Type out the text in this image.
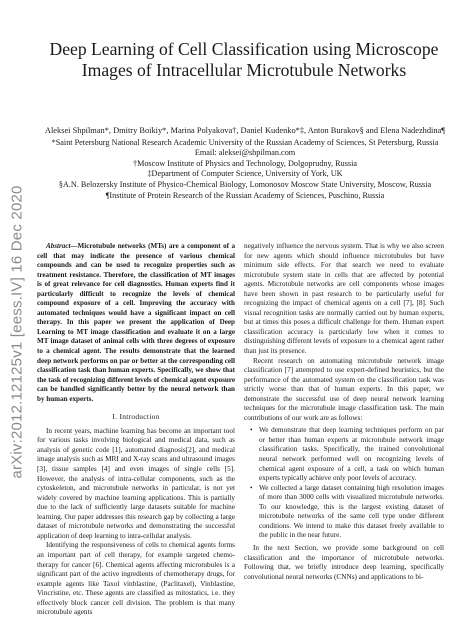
arXiv:2012.12125v1 [eess.IV] 16 Dec 2020
Deep Learning of Cell Classification using Microscope Images of Intracellular Microtubule Networks
Aleksei Shpilman*, Dmitry Boikiy*, Marina Polyakova†, Daniel Kudenko*‡, Anton Burakov§ and Elena Nadezhdina¶
*Saint Petersburg National Research Academic University of the Russian Academy of Sciences, St Petersburg, Russia
Email: aleksei@shpilman.com
†Moscow Institute of Physics and Technology, Dolgoprudny, Russia
‡Department of Computer Science, University of York, UK
§A.N. Belozersky Institute of Physico-Chemical Biology, Lomonosov Moscow State University, Moscow, Russia
¶Institute of Protein Research of the Russian Academy of Sciences, Puschino, Russia

Abstract—Microtubule networks (MTs) are a component of a cell that may indicate the presence of various chemical compounds and can be used to recognize properties such as treatment resistance. Therefore, the classification of MT images is of great relevance for cell diagnostics. Human experts find it particularly difficult to recognize the levels of chemical compound exposure of a cell. Improving the accuracy with automated techniques would have a significant impact on cell therapy. In this paper we present the application of Deep Learning to MT image classification and evaluate it on a large MT image dataset of animal cells with three degrees of exposure to a chemical agent. The results demonstrate that the learned deep network performs on par or better at the corresponding cell classification task than human experts. Specifically, we show that the task of recognizing different levels of chemical agent exposure can be handled significantly better by the neural network than by human experts.

I. Introduction

In recent years, machine learning has become an important tool for various tasks involving biological and medical data, such as analysis of genetic code [1], automated diagnosis[2], and medical image analysis such as MRI and X-ray scans and ultrasound images [3], tissue samples [4] and even images of single cells [5]. However, the analysis of intra-cellular components, such as the cytoskeleton, and microtubule networks in particular, is not yet widely covered by machine learning applications. This is partially due to the lack of sufficiently large datasets suitable for machine learning. Our paper addresses this research gap by collecting a large dataset of microtubule networks and demonstrating the successful application of deep learning to intra-cellular analysis.

Identifying the responsiveness of cells to chemical agents forms an important part of cell therapy, for example targeted chemo-therapy for cancer [6]. Chemical agents affecting microtubules is a significant part of the active ingredients of chemotherapy drugs, for example agents like Taxol vinblastine, (Paclitaxel), Vinblastine, Vincristine, etc. These agents are classified as mitostatics, i.e. they effectively block cancer cell division. The problem is that many microtubule agents

negatively influence the nervous system. That is why we also screen for new agents which should influence microtubules but have minimum side effects. For that search we need to evaluate microtubule system state in cells that are affected by potential agents. Microtubule networks are cell components whose images have been shown in past research to be particularly useful for recognizing the impact of chemical agents on a cell [7], [8]. Such visual recognition tasks are normally carried out by human experts, but at times this poses a difficult challenge for them. Human expert classification accuracy is particularly low when it comes to distinguishing different levels of exposure to a chemical agent rather than just its presence.

Recent research on automating microtubule network image classification [7] attempted to use expert-defined heuristics, but the performance of the automated system on the classification task was strictly worse than that of human experts. In this paper, we demonstrate the successful use of deep neural network learning techniques for the microtubule image classification task. The main contributions of our work are as follows:

• We demonstrate that deep learning techniques perform on par or better than human experts at microtubule network image classification tasks. Specifically, the trained convolutional neural network performed well on recognizing levels of chemical agent exposure of a cell, a task on which human experts typically achieve only poor levels of accuracy.
• We collected a large dataset containing high resolution images of more than 3000 cells with visualized microtubule networks. To our knowledge, this is the largest existing dataset of microtubule networks of the same cell type under different conditions. We intend to make this dataset freely available to the public in the near future.

In the next Section, we provide some background on cell classification and the importance of microtubule networks. Following that, we briefly introduce deep learning, specifically convolutional neural networks (CNNs) and applications to bi-
